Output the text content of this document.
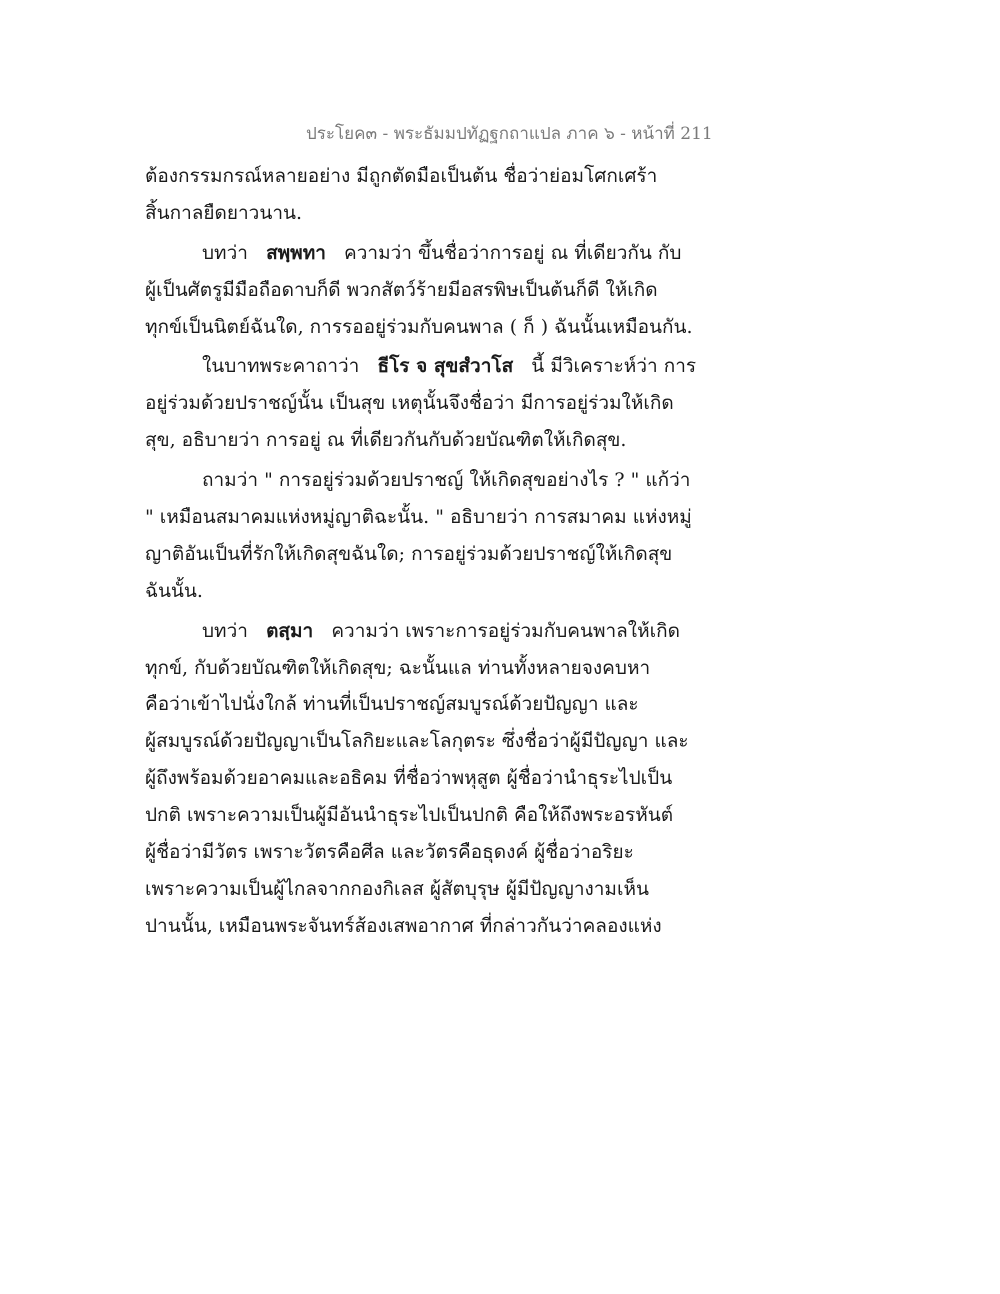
ประโยค๓ - พระธัมมปทัฏฐกถาแปล ภาค ๖ - หน้าที่ 211
ต้องกรรมกรณ์หลายอย่าง มีถูกตัดมือเป็นต้น ชื่อว่าย่อมโศกเศร้า
สิ้นกาลยืดยาวนาน.
บทว่า สพฺพทา ความว่า ขึ้นชื่อว่าการอยู่ ณ ที่เดียวกัน กับ
ผู้เป็นศัตรูมีมือถือดาบก็ดี พวกสัตว์ร้ายมีอสรพิษเป็นต้นก็ดี ให้เกิด
ทุกข์เป็นนิตย์ฉันใด, การรออยู่ร่วมกับคนพาล ( ก็ ) ฉันนั้นเหมือนกัน.
ในบาทพระคาถาว่า ธีโร จ สุขสํวาโส นี้ มีวิเคราะห์ว่า การ
อยู่ร่วมด้วยปราชญ์นั้น เป็นสุข เหตุนั้นจึงชื่อว่า มีการอยู่ร่วมให้เกิด
สุข, อธิบายว่า การอยู่ ณ ที่เดียวกันกับด้วยบัณฑิตให้เกิดสุข.
ถามว่า " การอยู่ร่วมด้วยปราชญ์ ให้เกิดสุขอย่างไร ? " แก้ว่า
" เหมือนสมาคมแห่งหมู่ญาติฉะนั้น. " อธิบายว่า การสมาคม แห่งหมู่
ญาติอันเป็นที่รักให้เกิดสุขฉันใด; การอยู่ร่วมด้วยปราชญ์ให้เกิดสุข
ฉันนั้น.
บทว่า ตสฺมา ความว่า เพราะการอยู่ร่วมกับคนพาลให้เกิด
ทุกข์, กับด้วยบัณฑิตให้เกิดสุข; ฉะนั้นแล ท่านทั้งหลายจงคบหา
คือว่าเข้าไปนั่งใกล้ ท่านที่เป็นปราชญ์สมบูรณ์ด้วยปัญญา และ
ผู้สมบูรณ์ด้วยปัญญาเป็นโลกิยะและโลกุตระ ซึ่งชื่อว่าผู้มีปัญญา และ
ผู้ถึงพร้อมด้วยอาคมและอธิคม ที่ชื่อว่าพหุสูต ผู้ชื่อว่านำธุระไปเป็น
ปกติ เพราะความเป็นผู้มีอันนำธุระไปเป็นปกติ คือให้ถึงพระอรหันต์
ผู้ชื่อว่ามีวัตร เพราะวัตรคือศีล และวัตรคือธุดงค์ ผู้ชื่อว่าอริยะ
เพราะความเป็นผู้ไกลจากกองกิเลส ผู้สัตบุรุษ ผู้มีปัญญางามเห็น
ปานนั้น, เหมือนพระจันทร์ส้องเสพอากาศ ที่กล่าวกันว่าคลองแห่ง
